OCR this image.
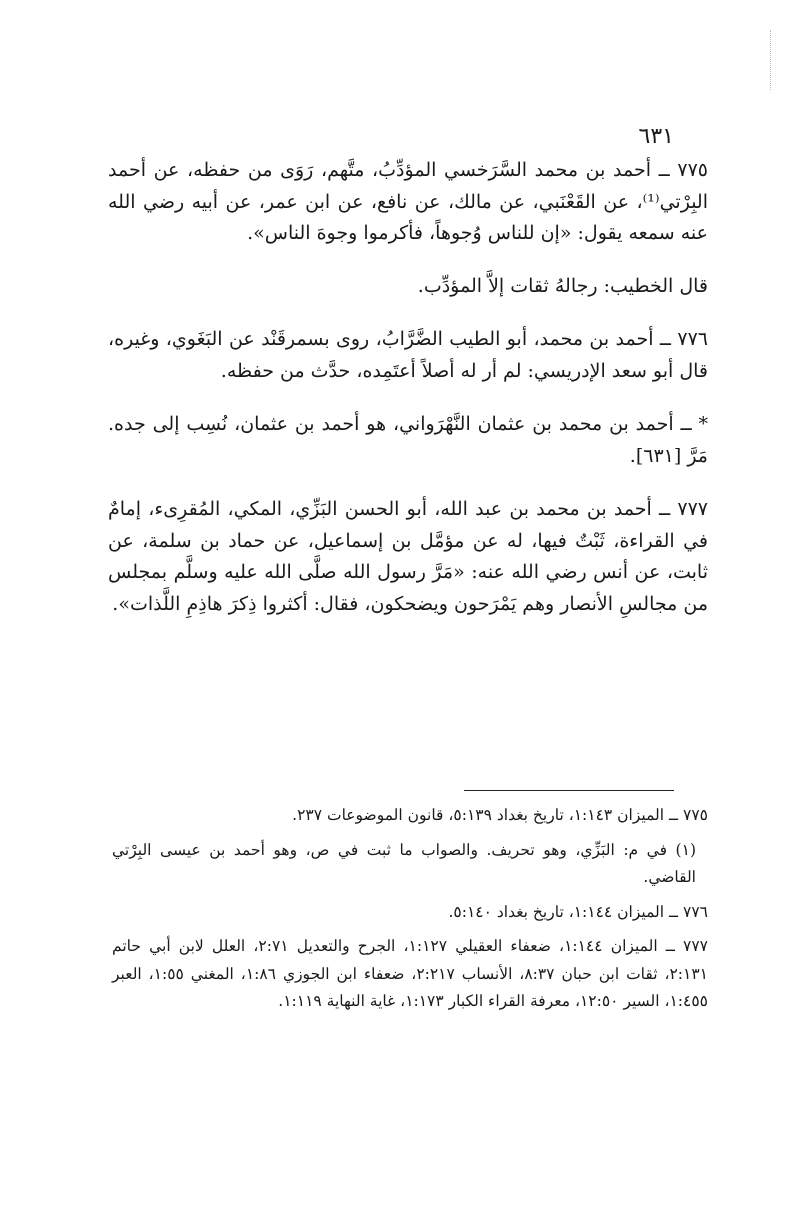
٦٣١

٧٧٥ ــ أحمد بن محمد السَّرَخسي المؤدِّبُ، متَّهم، رَوَى من حفظه، عن أحمد البِرْتي⁽¹⁾، عن القَعْنَبي، عن مالك، عن نافع، عن ابن عمر، عن أبيه رضي الله عنه سمعه يقول: «إن للناس وُجوهاً، فأكرموا وجوهَ الناس».

قال الخطيب: رجالهُ ثقات إلاَّ المؤدِّب.

٧٧٦ ــ أحمد بن محمد، أبو الطيب الضَّرَّابُ، روى بسمرقَنْد عن البَغَوي، وغيره، قال أبو سعد الإدريسي: لم أر له أصلاً أعتَمِده، حدَّث من حفظه.

* ــ أحمد بن محمد بن عثمان النَّهْرَواني، هو أحمد بن عثمان، نُسِب إلى جده. مَرَّ [٦٣١].

٧٧٧ ــ أحمد بن محمد بن عبد الله، أبو الحسن البَزِّي، المكي، المُقرِىء، إمامٌ في القراءة، ثَبْتٌ فيها، له عن مؤمَّل بن إسماعيل، عن حماد بن سلمة، عن ثابت، عن أنس رضي الله عنه: «مَرَّ رسول الله صلَّى الله عليه وسلَّم بمجلس من مجالسِ الأنصار وهم يَمْرَحون ويضحكون، فقال: أكثروا ذِكرَ هاذِمِ اللَّذات».

٧٧٥ ــ الميزان ١:١٤٣، تاريخ بغداد ٥:١٣٩، قانون الموضوعات ٢٣٧.

(١) في م: البَزِّي، وهو تحريف. والصواب ما ثبت في ص، وهو أحمد بن عيسى البِرْتي القاضي.

٧٧٦ ــ الميزان ١:١٤٤، تاريخ بغداد ٥:١٤٠.

٧٧٧ ــ الميزان ١:١٤٤، ضعفاء العقيلي ١:١٢٧، الجرح والتعديل ٢:٧١، العلل لابن أبي حاتم ٢:١٣١، ثقات ابن حبان ٨:٣٧، الأنساب ٢:٢١٧، ضعفاء ابن الجوزي ١:٨٦، المغني ١:٥٥، العبر ١:٤٥٥، السير ١٢:٥٠، معرفة القراء الكبار ١:١٧٣، غاية النهاية ١:١١٩.
